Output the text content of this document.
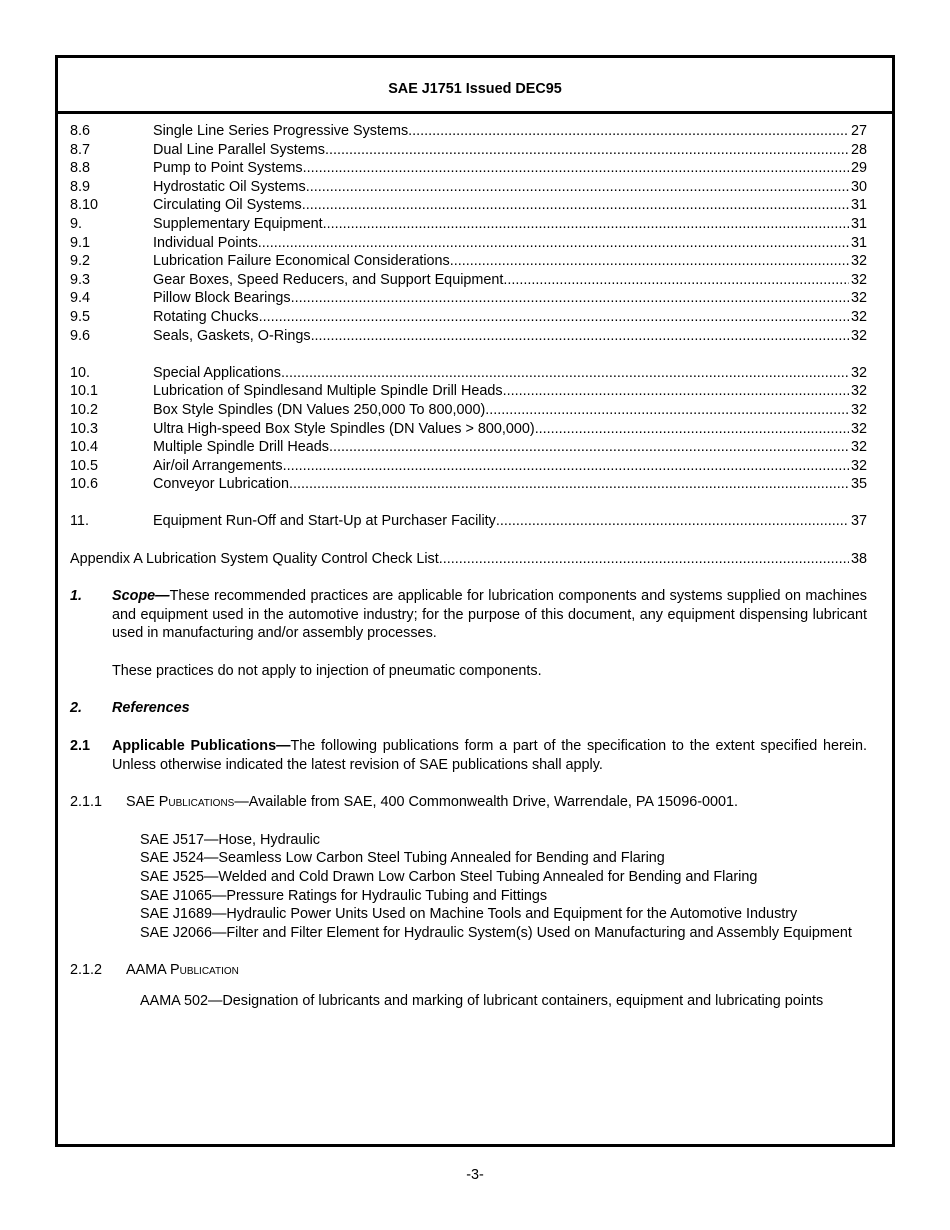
SAE J1751 Issued DEC95
8.6	Single Line Series Progressive Systems .....	27
8.7	Dual Line Parallel Systems .....	28
8.8	Pump to Point Systems .....	29
8.9	Hydrostatic Oil Systems .....	30
8.10	Circulating Oil Systems .....	31
9.	Supplementary Equipment .....	31
9.1	Individual Points .....	31
9.2	Lubrication Failure Economical Considerations .....	32
9.3	Gear Boxes, Speed Reducers, and Support Equipment .....	32
9.4	Pillow Block Bearings .....	32
9.5	Rotating Chucks .....	32
9.6	Seals, Gaskets, O-Rings .....	32
10.	Special Applications .....	32
10.1	Lubrication of Spindlesand Multiple Spindle Drill Heads .....	32
10.2	Box Style Spindles (DN Values 250,000 To 800,000) .....	32
10.3	Ultra High-speed Box Style Spindles (DN Values > 800,000) .....	32
10.4	Multiple Spindle Drill Heads .....	32
10.5	Air/oil Arrangements .....	32
10.6	Conveyor Lubrication .....	35
11.	Equipment Run-Off and Start-Up at Purchaser Facility .....	37
Appendix A Lubrication System Quality Control Check List .....	38
1.	Scope—These recommended practices are applicable for lubrication components and systems supplied on machines and equipment used in the automotive industry; for the purpose of this document, any equipment dispensing lubricant used in manufacturing and/or assembly processes.
These practices do not apply to injection of pneumatic components.
2.	References
2.1	Applicable Publications—The following publications form a part of the specification to the extent specified herein. Unless otherwise indicated the latest revision of SAE publications shall apply.
2.1.1	SAE Publications—Available from SAE, 400 Commonwealth Drive, Warrendale, PA 15096-0001.
SAE J517—Hose, Hydraulic
SAE J524—Seamless Low Carbon Steel Tubing Annealed for Bending and Flaring
SAE J525—Welded and Cold Drawn Low Carbon Steel Tubing Annealed for Bending and Flaring
SAE J1065—Pressure Ratings for Hydraulic Tubing and Fittings
SAE J1689—Hydraulic Power Units Used on Machine Tools and Equipment for the Automotive Industry
SAE J2066—Filter and Filter Element for Hydraulic System(s) Used on Manufacturing and Assembly Equipment
2.1.2	AAMA Publication
AAMA 502—Designation of lubricants and marking of lubricant containers, equipment and lubricating points
-3-
